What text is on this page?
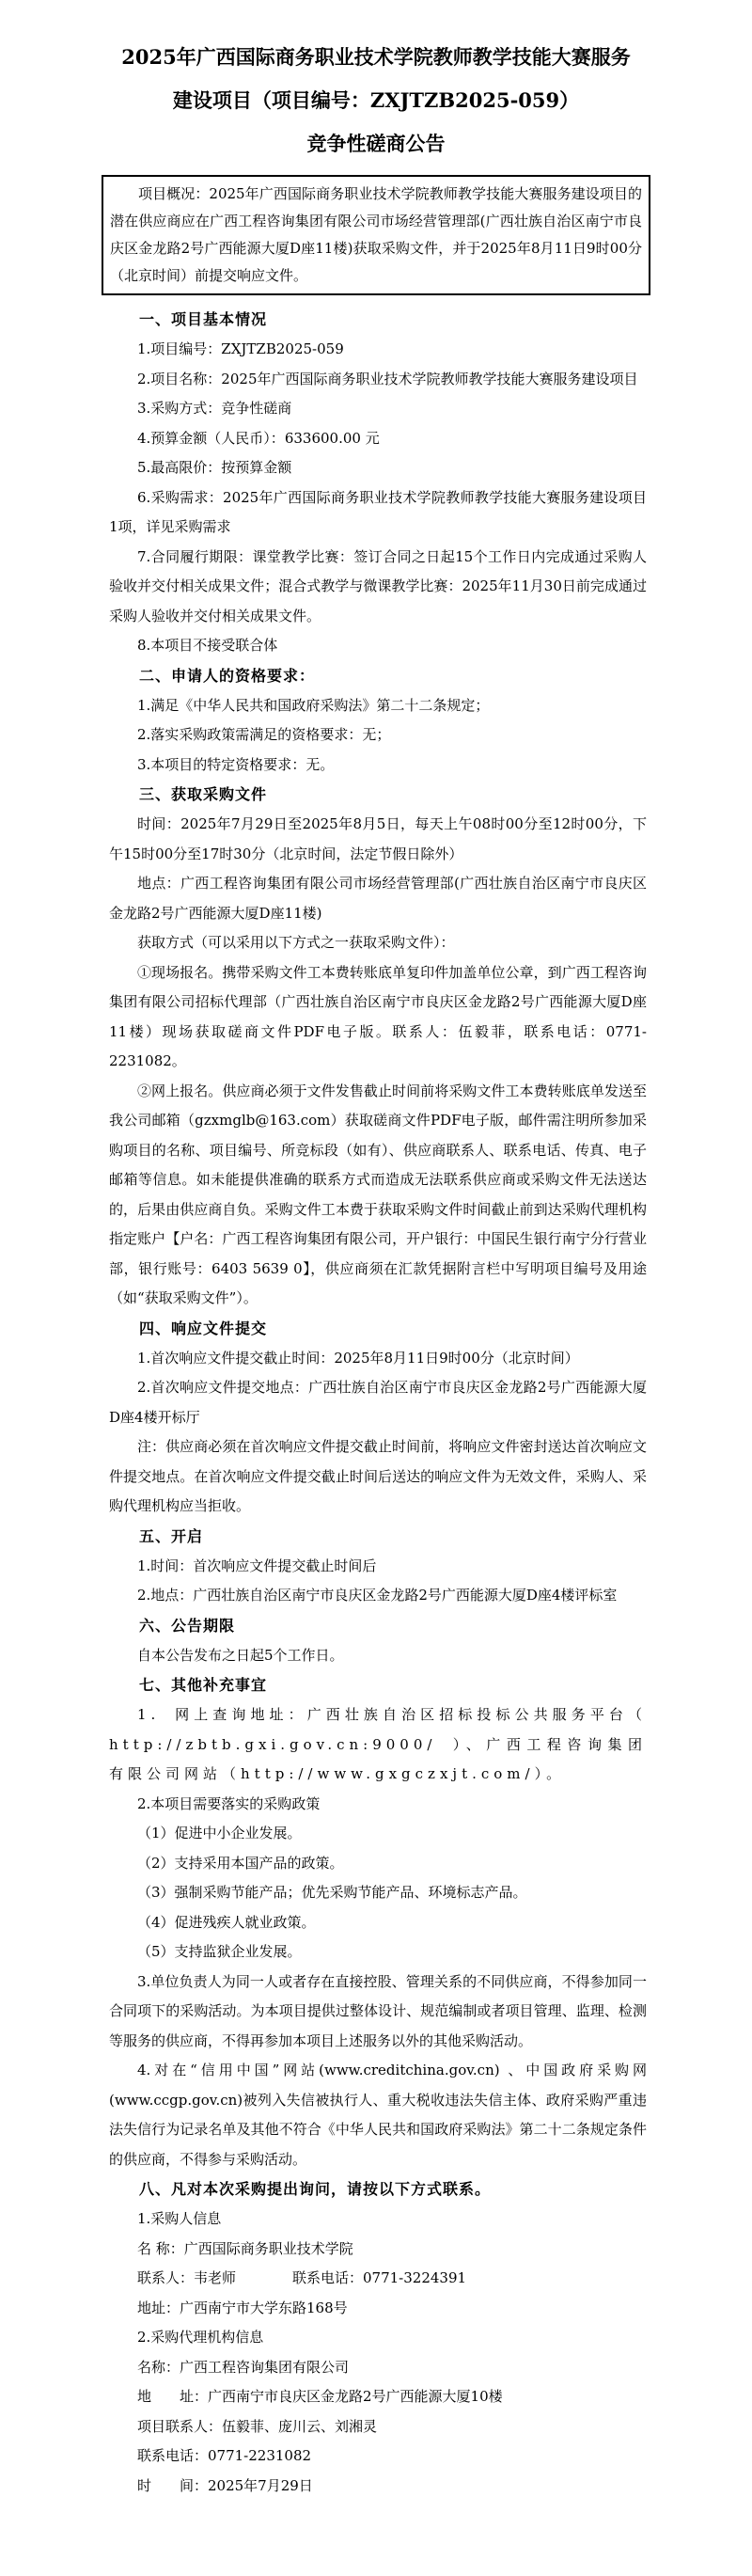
2025年广西国际商务职业技术学院教师教学技能大赛服务
建设项目（项目编号：ZXJTZB2025-059）
竞争性磋商公告

项目概况：2025年广西国际商务职业技术学院教师教学技能大赛服务建设项目的潜在供应商应在广西工程咨询集团有限公司市场经营管理部(广西壮族自治区南宁市良庆区金龙路2号广西能源大厦D座11楼)获取采购文件，并于2025年8月11日9时00分（北京时间）前提交响应文件。

一、项目基本情况

1.项目编号：ZXJTZB2025-059

2.项目名称：2025年广西国际商务职业技术学院教师教学技能大赛服务建设项目

3.采购方式：竞争性磋商

4.预算金额（人民币）：633600.00 元

5.最高限价：按预算金额

6.采购需求：2025年广西国际商务职业技术学院教师教学技能大赛服务建设项目1项，详见采购需求

7.合同履行期限：课堂教学比赛：签订合同之日起15个工作日内完成通过采购人验收并交付相关成果文件；混合式教学与微课教学比赛：2025年11月30日前完成通过采购人验收并交付相关成果文件。

8.本项目不接受联合体

二、申请人的资格要求：

1.满足《中华人民共和国政府采购法》第二十二条规定；

2.落实采购政策需满足的资格要求：无；

3.本项目的特定资格要求：无。

三、获取采购文件

时间：2025年7月29日至2025年8月5日，每天上午08时00分至12时00分，下午15时00分至17时30分（北京时间，法定节假日除外）

地点：广西工程咨询集团有限公司市场经营管理部(广西壮族自治区南宁市良庆区金龙路2号广西能源大厦D座11楼)

获取方式（可以采用以下方式之一获取采购文件）：

①现场报名。携带采购文件工本费转账底单复印件加盖单位公章，到广西工程咨询集团有限公司招标代理部（广西壮族自治区南宁市良庆区金龙路2号广西能源大厦D座11楼）现场获取磋商文件PDF电子版。联系人：伍毅菲，联系电话：0771-2231082。

②网上报名。供应商必须于文件发售截止时间前将采购文件工本费转账底单发送至我公司邮箱（gzxmglb@163.com）获取磋商文件PDF电子版，邮件需注明所参加采购项目的名称、项目编号、所竞标段（如有）、供应商联系人、联系电话、传真、电子邮箱等信息。如未能提供准确的联系方式而造成无法联系供应商或采购文件无法送达的，后果由供应商自负。采购文件工本费于获取采购文件时间截止前到达采购代理机构指定账户【户名：广西工程咨询集团有限公司，开户银行：中国民生银行南宁分行营业部，银行账号：6403 5639 0】，供应商须在汇款凭据附言栏中写明项目编号及用途（如“获取采购文件”）。

四、响应文件提交

1.首次响应文件提交截止时间：2025年8月11日9时00分（北京时间）

2.首次响应文件提交地点：广西壮族自治区南宁市良庆区金龙路2号广西能源大厦D座4楼开标厅

注：供应商必须在首次响应文件提交截止时间前，将响应文件密封送达首次响应文件提交地点。在首次响应文件提交截止时间后送达的响应文件为无效文件，采购人、采购代理机构应当拒收。

五、开启

1.时间：首次响应文件提交截止时间后

2.地点：广西壮族自治区南宁市良庆区金龙路2号广西能源大厦D座4楼评标室

六、公告期限

自本公告发布之日起5个工作日。

七、其他补充事宜

1. 网上查询地址：广西壮族自治区招标投标公共服务平台（ http://zbtb.gxi.gov.cn:9000/ ）、广西工程咨询集团有限公司网站（http://www.gxgczxjt.com/）。

2.本项目需要落实的采购政策

（1）促进中小企业发展。

（2）支持采用本国产品的政策。

（3）强制采购节能产品；优先采购节能产品、环境标志产品。

（4）促进残疾人就业政策。

（5）支持监狱企业发展。

3.单位负责人为同一人或者存在直接控股、管理关系的不同供应商，不得参加同一合同项下的采购活动。为本项目提供过整体设计、规范编制或者项目管理、监理、检测等服务的供应商，不得再参加本项目上述服务以外的其他采购活动。

4.对在“信用中国”网站(www.creditchina.gov.cn) 、中国政府采购网(www.ccgp.gov.cn)被列入失信被执行人、重大税收违法失信主体、政府采购严重违法失信行为记录名单及其他不符合《中华人民共和国政府采购法》第二十二条规定条件的供应商，不得参与采购活动。

八、凡对本次采购提出询问，请按以下方式联系。

1.采购人信息

名 称：广西国际商务职业技术学院

联系人：韦老师　　　　联系电话：0771-3224391

地址：广西南宁市大学东路168号

2.采购代理机构信息

名称：广西工程咨询集团有限公司

地　　址：广西南宁市良庆区金龙路2号广西能源大厦10楼

项目联系人：伍毅菲、庞川云、刘湘灵

联系电话：0771-2231082

时　　间：2025年7月29日
